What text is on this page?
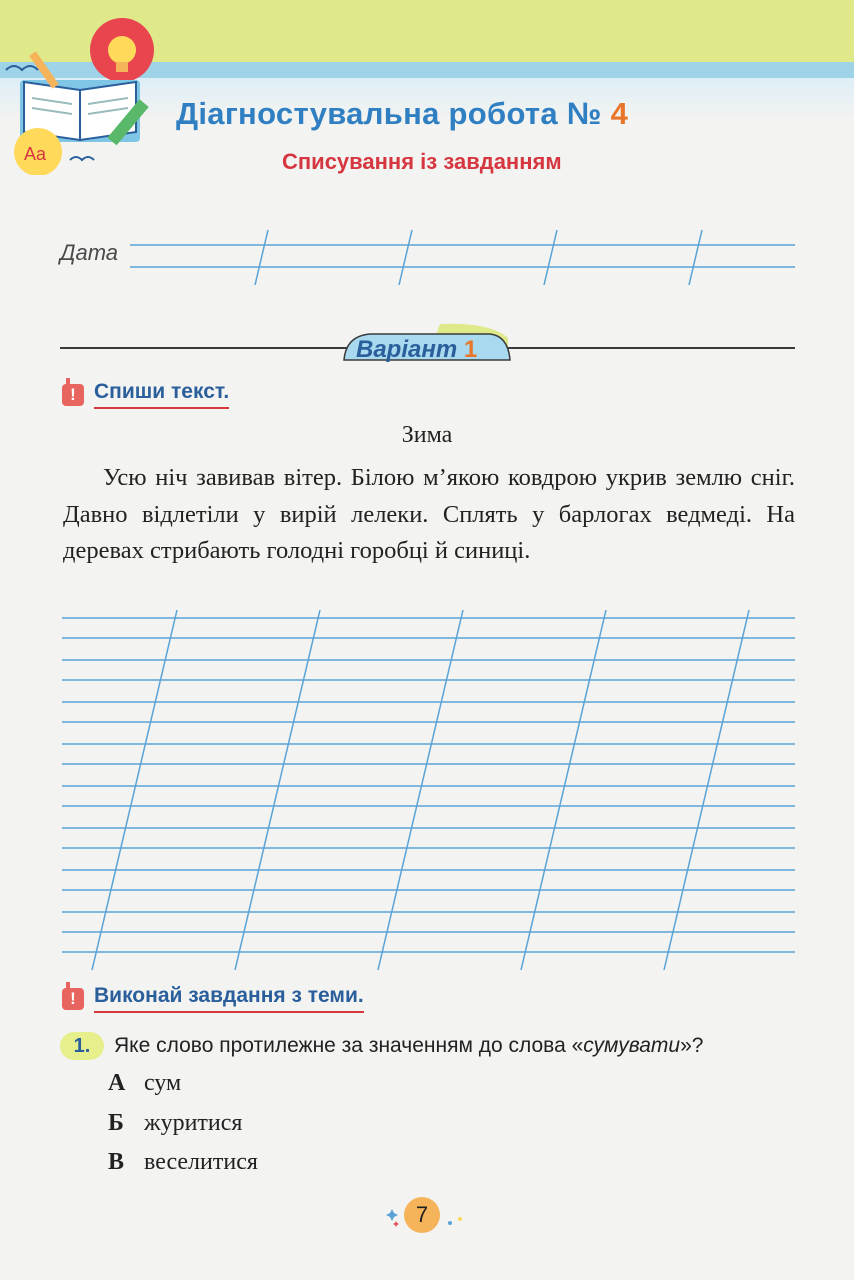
Aa
Діагностувальна робота № 4
Списування із завданням
Дата
Варіант 1
! Спиши текст.
Зима

Усю ніч завивав вітер. Білою м’якою ковдрою укрив землю сніг. Давно відлетіли у вирій лелеки. Сплять у барлогах ведмеді. На деревах стрибають голодні горобці й синиці.

! Виконай завдання з теми.
1.	Яке слово протилежне за значенням до слова «сумувати»?
А сум
Б журитися
В веселитися
7
